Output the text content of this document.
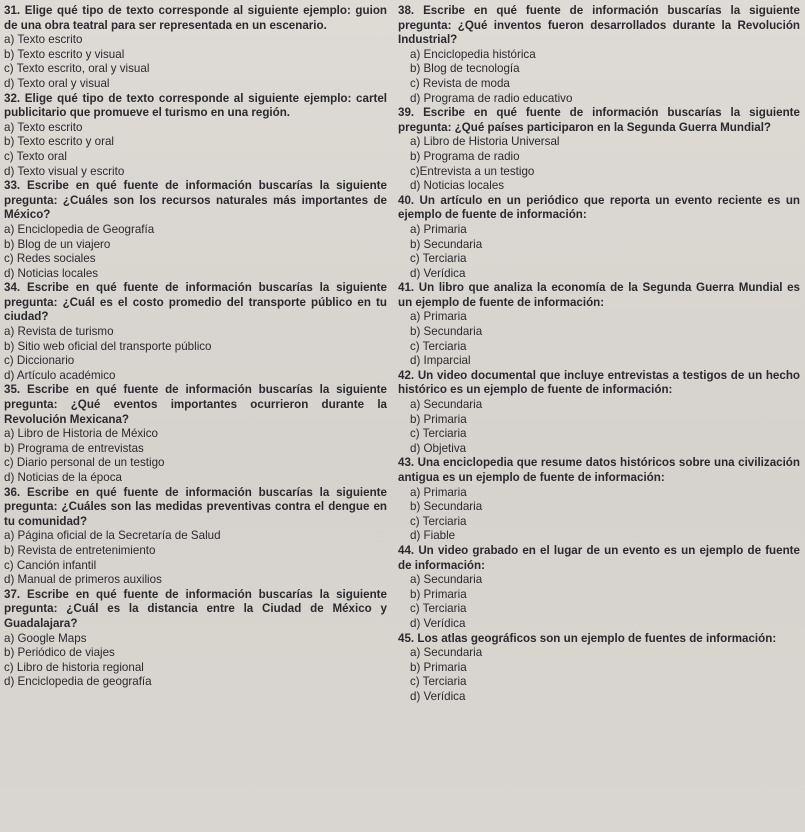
31. Elige qué tipo de texto corresponde al siguiente ejemplo: guion de una obra teatral para ser representada en un escenario.
a) Texto escrito
b) Texto escrito y visual
c) Texto escrito, oral y visual
d) Texto oral y visual
32. Elige qué tipo de texto corresponde al siguiente ejemplo: cartel publicitario que promueve el turismo en una región.
a) Texto escrito
b) Texto escrito y oral
c) Texto oral
d) Texto visual y escrito
33. Escribe en qué fuente de información buscarías la siguiente pregunta: ¿Cuáles son los recursos naturales más importantes de México?
a) Enciclopedia de Geografía
b) Blog de un viajero
c) Redes sociales
d) Noticias locales
34. Escribe en qué fuente de información buscarías la siguiente pregunta: ¿Cuál es el costo promedio del transporte público en tu ciudad?
a) Revista de turismo
b) Sitio web oficial del transporte público
c) Diccionario
d) Artículo académico
35. Escribe en qué fuente de información buscarías la siguiente pregunta: ¿Qué eventos importantes ocurrieron durante la Revolución Mexicana?
a) Libro de Historia de México
b) Programa de entrevistas
c) Diario personal de un testigo
d) Noticias de la época
36. Escribe en qué fuente de información buscarías la siguiente pregunta: ¿Cuáles son las medidas preventivas contra el dengue en tu comunidad?
a) Página oficial de la Secretaría de Salud
b) Revista de entretenimiento
c) Canción infantil
d) Manual de primeros auxilios
37. Escribe en qué fuente de información buscarías la siguiente pregunta: ¿Cuál es la distancia entre la Ciudad de México y Guadalajara?
a) Google Maps
b) Periódico de viajes
c) Libro de historia regional
d) Enciclopedia de geografía
38. Escribe en qué fuente de información buscarías la siguiente pregunta: ¿Qué inventos fueron desarrollados durante la Revolución Industrial?
a) Enciclopedia histórica
b) Blog de tecnología
c) Revista de moda
d) Programa de radio educativo
39. Escribe en qué fuente de información buscarías la siguiente pregunta: ¿Qué países participaron en la Segunda Guerra Mundial?
a) Libro de Historia Universal
b) Programa de radio
c)Entrevista a un testigo
d) Noticias locales
40. Un artículo en un periódico que reporta un evento reciente es un ejemplo de fuente de información:
a) Primaria
b) Secundaria
c) Terciaria
d) Verídica
41. Un libro que analiza la economía de la Segunda Guerra Mundial es un ejemplo de fuente de información:
a) Primaria
b) Secundaria
c) Terciaria
d) Imparcial
42. Un video documental que incluye entrevistas a testigos de un hecho histórico es un ejemplo de fuente de información:
a) Secundaria
b) Primaria
c) Terciaria
d) Objetiva
43. Una enciclopedia que resume datos históricos sobre una civilización antigua es un ejemplo de fuente de información:
a) Primaria
b) Secundaria
c) Terciaria
d) Fiable
44. Un video grabado en el lugar de un evento es un ejemplo de fuente de información:
a) Secundaria
b) Primaria
c) Terciaria
d) Verídica
45. Los atlas geográficos son un ejemplo de fuentes de información:
a) Secundaria
b) Primaria
c) Terciaria
d) Verídica
